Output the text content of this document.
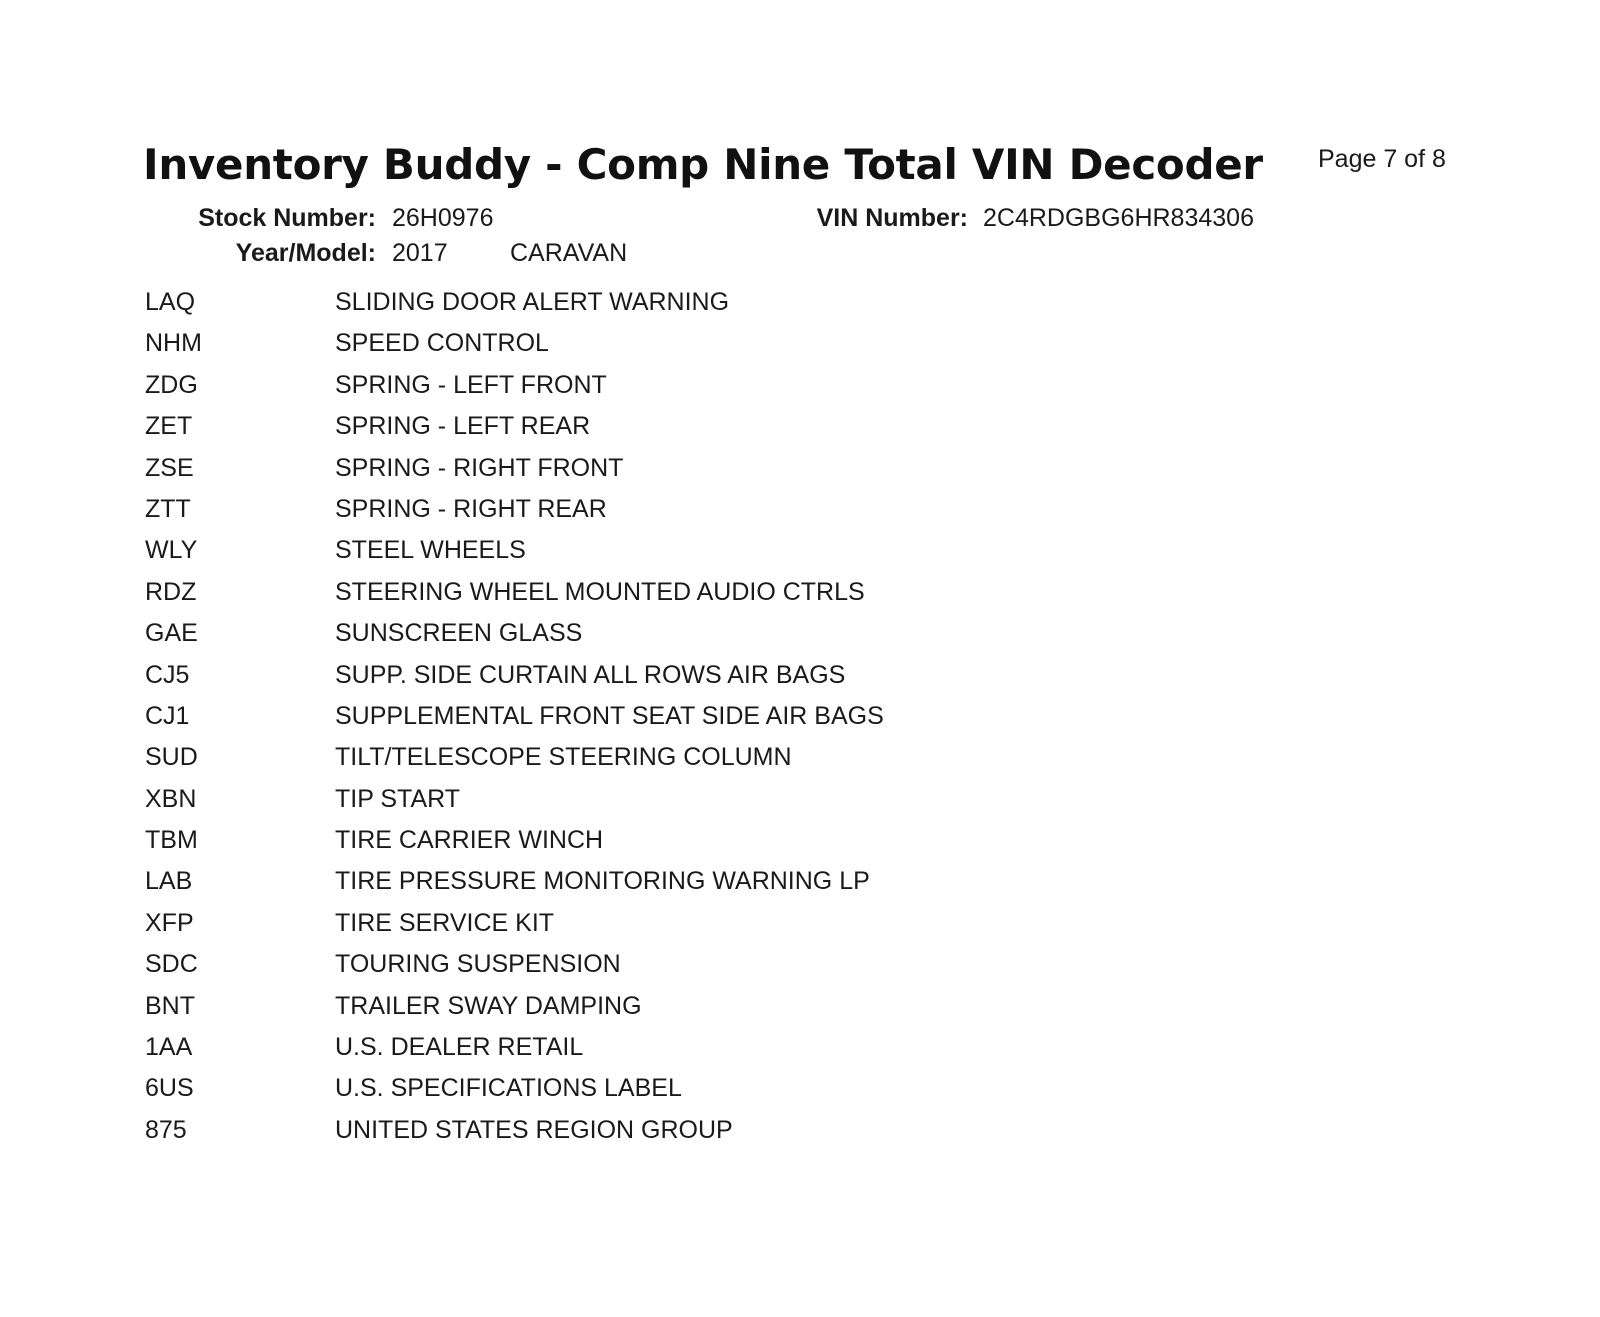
Inventory Buddy - Comp Nine Total VIN Decoder Page 7 of 8
Stock Number: 26H0976	VIN Number: 2C4RDGBG6HR834306
Year/Model: 2017 CARAVAN
LAQ	SLIDING DOOR ALERT WARNING
NHM	SPEED CONTROL
ZDG	SPRING - LEFT FRONT
ZET	SPRING - LEFT REAR
ZSE	SPRING - RIGHT FRONT
ZTT	SPRING - RIGHT REAR
WLY	STEEL WHEELS
RDZ	STEERING WHEEL MOUNTED AUDIO CTRLS
GAE	SUNSCREEN GLASS
CJ5	SUPP. SIDE CURTAIN ALL ROWS AIR BAGS
CJ1	SUPPLEMENTAL FRONT SEAT SIDE AIR BAGS
SUD	TILT/TELESCOPE STEERING COLUMN
XBN	TIP START
TBM	TIRE CARRIER WINCH
LAB	TIRE PRESSURE MONITORING WARNING LP
XFP	TIRE SERVICE KIT
SDC	TOURING SUSPENSION
BNT	TRAILER SWAY DAMPING
1AA	U.S. DEALER RETAIL
6US	U.S. SPECIFICATIONS LABEL
875	UNITED STATES REGION GROUP
